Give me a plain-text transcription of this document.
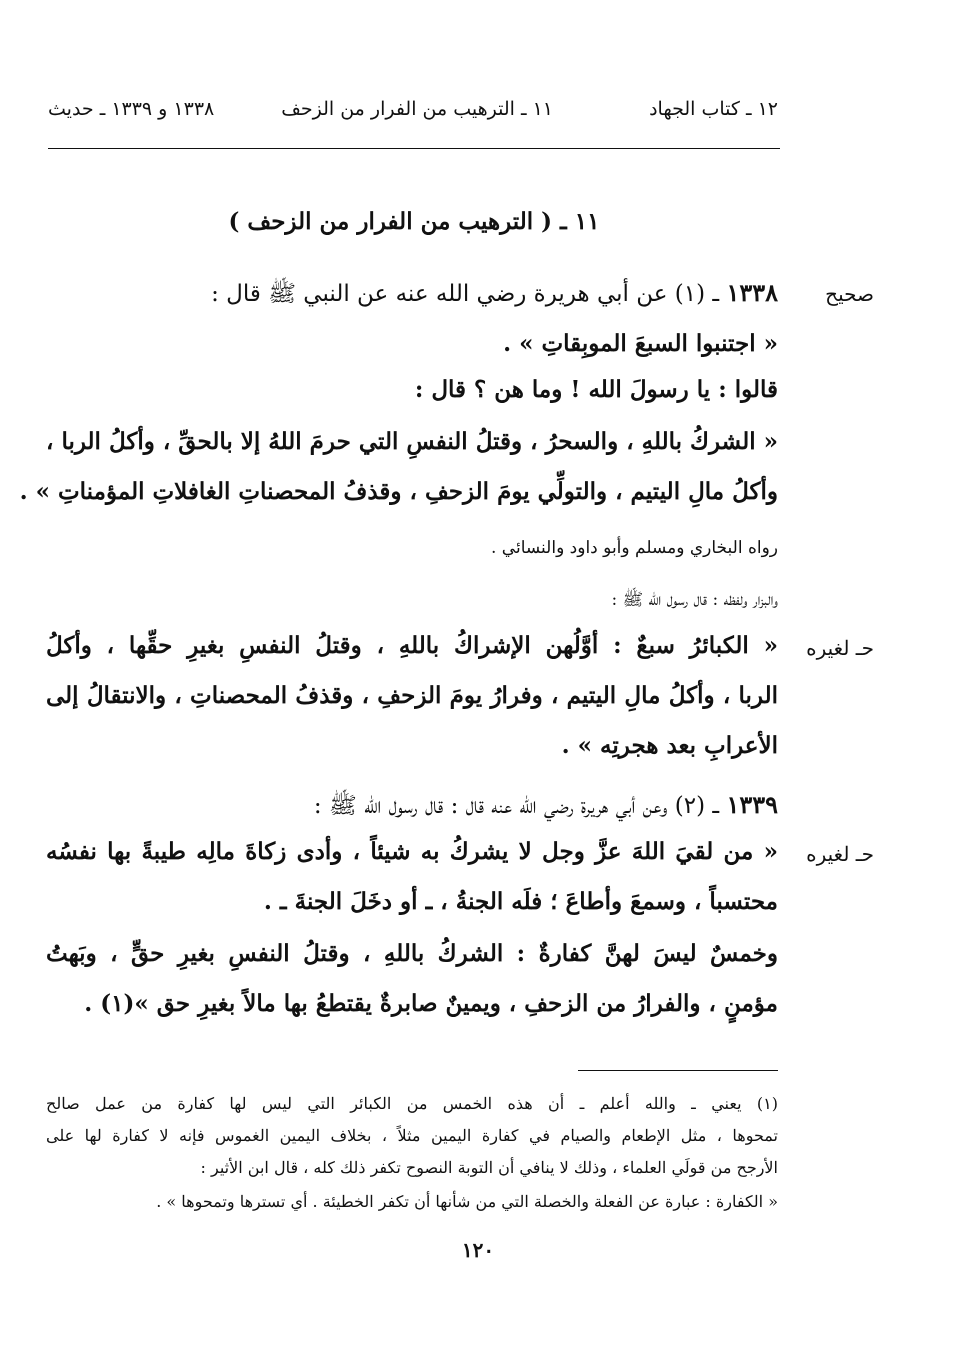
١٢ ـ كتاب الجهاد
١١ ـ الترهيب من الفرار من الزحف
١٣٣٨ و ١٣٣٩ ـ حديث
١١ ـ ( الترهيب من الفرار من الزحف )
صحيح
١٣٣٨ ـ (١) عن أبي هريرة رضي الله عنه عن النبي ﷺ قال :
« اجتنبوا السبعَ الموبِقاتِ » .
قالوا : يا رسولَ الله ! وما هن ؟ قال :
« الشركُ باللهِ ، والسحرُ ، وقتلُ النفسِ التي حرمَ اللهُ إلا بالحقِّ ، وأكلُ الربا ،
وأكلُ مالِ اليتيم ، والتولِّي يومَ الزحفِ ، وقذفُ المحصناتِ الغافلاتِ المؤمناتِ » .
رواه البخاري ومسلم وأبو داود والنسائي .
والبزار ولفظه : قال رسول الله ﷺ :
حـ لغيره
« الكبائرُ سبعٌ : أوَّلُهن الإشراكُ باللهِ ، وقتلُ النفسِ بغيرِ حقِّها ، وأكلُ
الربا ، وأكلُ مالِ اليتيم ، وفرارُ يومَ الزحفِ ، وقذفُ المحصناتِ ، والانتقالُ إلى
الأعرابِ بعد هجرتِه » .
١٣٣٩ ـ (٢) وعن أبي هريرة رضي الله عنه قال : قال رسول الله ﷺ :
حـ لغيره
« من لقيَ اللهَ عزَّ وجل لا يشركُ به شيئاً ، وأدى زكاةَ مالِه طيبةً بها نفسُه
محتسباً ، وسمعَ وأطاعَ ؛ فلَه الجنةُ ، ـ أو دخَلَ الجنةَ ـ .
وخمسٌ ليسَ لهنَّ كفارةٌ : الشركُ باللهِ ، وقتلُ النفسِ بغيرِ حقٍّ ، وبَهتُ
مؤمنٍ ، والفرارُ من الزحفِ ، ويمينٌ صابرةٌ يقتطعُ بها مالاً بغيرِ حق »(١) .
(١) يعني ـ والله أعلم ـ أن هذه الخمس من الكبائر التي ليس لها كفارة من عمل صالح
تمحوها ، مثل الإطعام والصيام في كفارة اليمين مثلاً ، بخلاف اليمين الغموس فإنه لا كفارة لها على
الأرجح من قولَي العلماء ، وذلك لا ينافي أن التوبة النصوح تكفر ذلك كله ، قال ابن الأثير :
« الكفارة : عبارة عن الفعلة والخصلة التي من شأنها أن تكفر الخطيئة . أي تسترها وتمحوها » .
١٢٠
